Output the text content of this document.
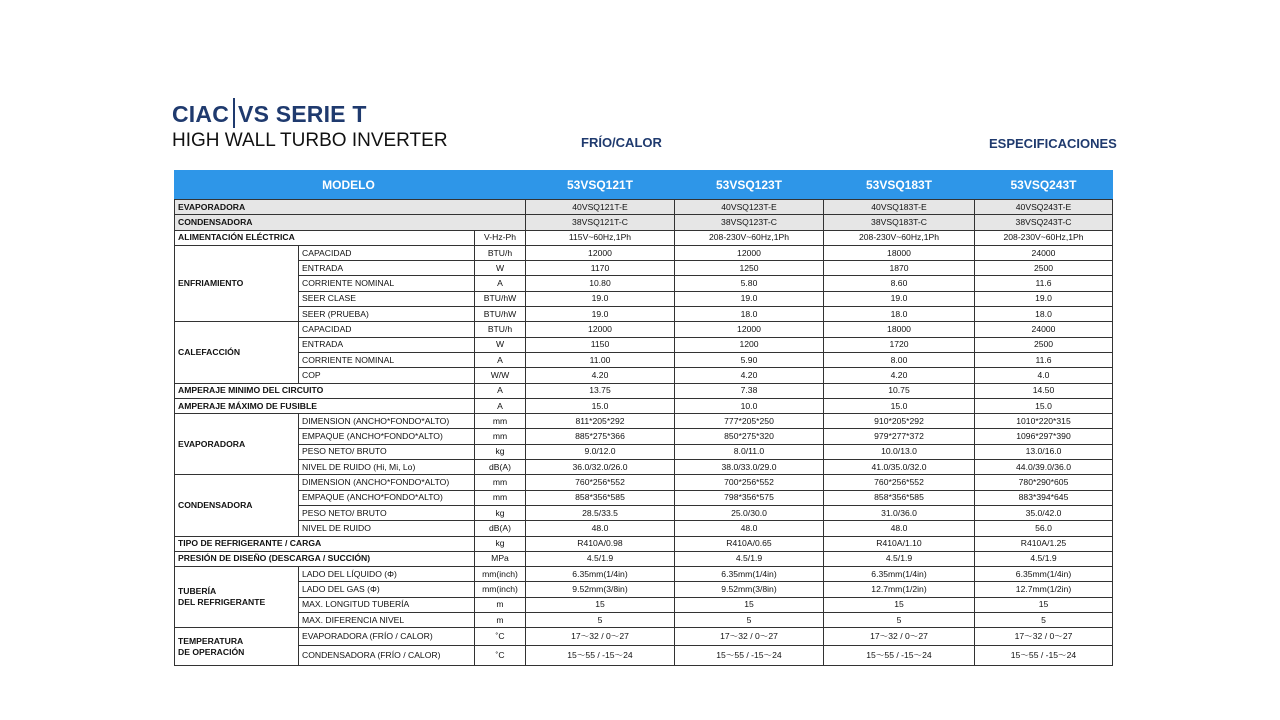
CIAC VS SERIE T
HIGH WALL TURBO INVERTER	FRÍO/CALOR	ESPECIFICACIONES
MODELO			53VSQ121T	53VSQ123T	53VSQ183T	53VSQ243T
EVAPORADORA			40VSQ121T-E	40VSQ123T-E	40VSQ183T-E	40VSQ243T-E
CONDENSADORA			38VSQ121T-C	38VSQ123T-C	38VSQ183T-C	38VSQ243T-C
ALIMENTACIÓN ELÉCTRICA		V-Hz-Ph	115V~60Hz,1Ph	208-230V~60Hz,1Ph	208-230V~60Hz,1Ph	208-230V~60Hz,1Ph
ENFRIAMIENTO	CAPACIDAD	BTU/h	12000	12000	18000	24000
	ENTRADA	W	1170	1250	1870	2500
	CORRIENTE NOMINAL	A	10.80	5.80	8.60	11.6
	SEER CLASE	BTU/hW	19.0	19.0	19.0	19.0
	SEER (PRUEBA)	BTU/hW	19.0	18.0	18.0	18.0
CALEFACCIÓN	CAPACIDAD	BTU/h	12000	12000	18000	24000
	ENTRADA	W	1150	1200	1720	2500
	CORRIENTE NOMINAL	A	11.00	5.90	8.00	11.6
	COP	W/W	4.20	4.20	4.20	4.0
AMPERAJE MINIMO DEL CIRCUITO		A	13.75	7.38	10.75	14.50
AMPERAJE MÁXIMO DE FUSIBLE		A	15.0	10.0	15.0	15.0
EVAPORADORA	DIMENSION (ANCHO*FONDO*ALTO)	mm	811*205*292	777*205*250	910*205*292	1010*220*315
	EMPAQUE (ANCHO*FONDO*ALTO)	mm	885*275*366	850*275*320	979*277*372	1096*297*390
	PESO NETO/ BRUTO	kg	9.0/12.0	8.0/11.0	10.0/13.0	13.0/16.0
	NIVEL DE RUIDO (Hi, Mi, Lo)	dB(A)	36.0/32.0/26.0	38.0/33.0/29.0	41.0/35.0/32.0	44.0/39.0/36.0
CONDENSADORA	DIMENSION (ANCHO*FONDO*ALTO)	mm	760*256*552	700*256*552	760*256*552	780*290*605
	EMPAQUE (ANCHO*FONDO*ALTO)	mm	858*356*585	798*356*575	858*356*585	883*394*645
	PESO NETO/ BRUTO	kg	28.5/33.5	25.0/30.0	31.0/36.0	35.0/42.0
	NIVEL DE RUIDO	dB(A)	48.0	48.0	48.0	56.0
TIPO DE REFRIGERANTE / CARGA		kg	R410A/0.98	R410A/0.65	R410A/1.10	R410A/1.25
PRESIÓN DE DISEÑO (DESCARGA / SUCCIÓN)		MPa	4.5/1.9	4.5/1.9	4.5/1.9	4.5/1.9

TUBERÍA
DEL REFRIGERANTE	LADO DEL LÍQUIDO (Φ)	mm(inch)	6.35mm(1/4in)	6.35mm(1/4in)	6.35mm(1/4in)	6.35mm(1/4in)
	LADO DEL GAS (Φ)	mm(inch)	9.52mm(3/8in)	9.52mm(3/8in)	12.7mm(1/2in)	12.7mm(1/2in)
	MAX. LONGITUD TUBERÍA	m	15	15	15	15
	MAX. DIFERENCIA NIVEL	m	5	5	5	5

TEMPERATURA
DE OPERACIÓN	EVAPORADORA (FRÍO / CALOR)	˚C	17～32 / 0～27	17～32 / 0～27	17～32 / 0～27	17～32 / 0～27
	CONDENSADORA (FRÍO / CALOR)	˚C	15～55 / -15～24	15～55 / -15～24	15～55 / -15～24	15～55 / -15～24
